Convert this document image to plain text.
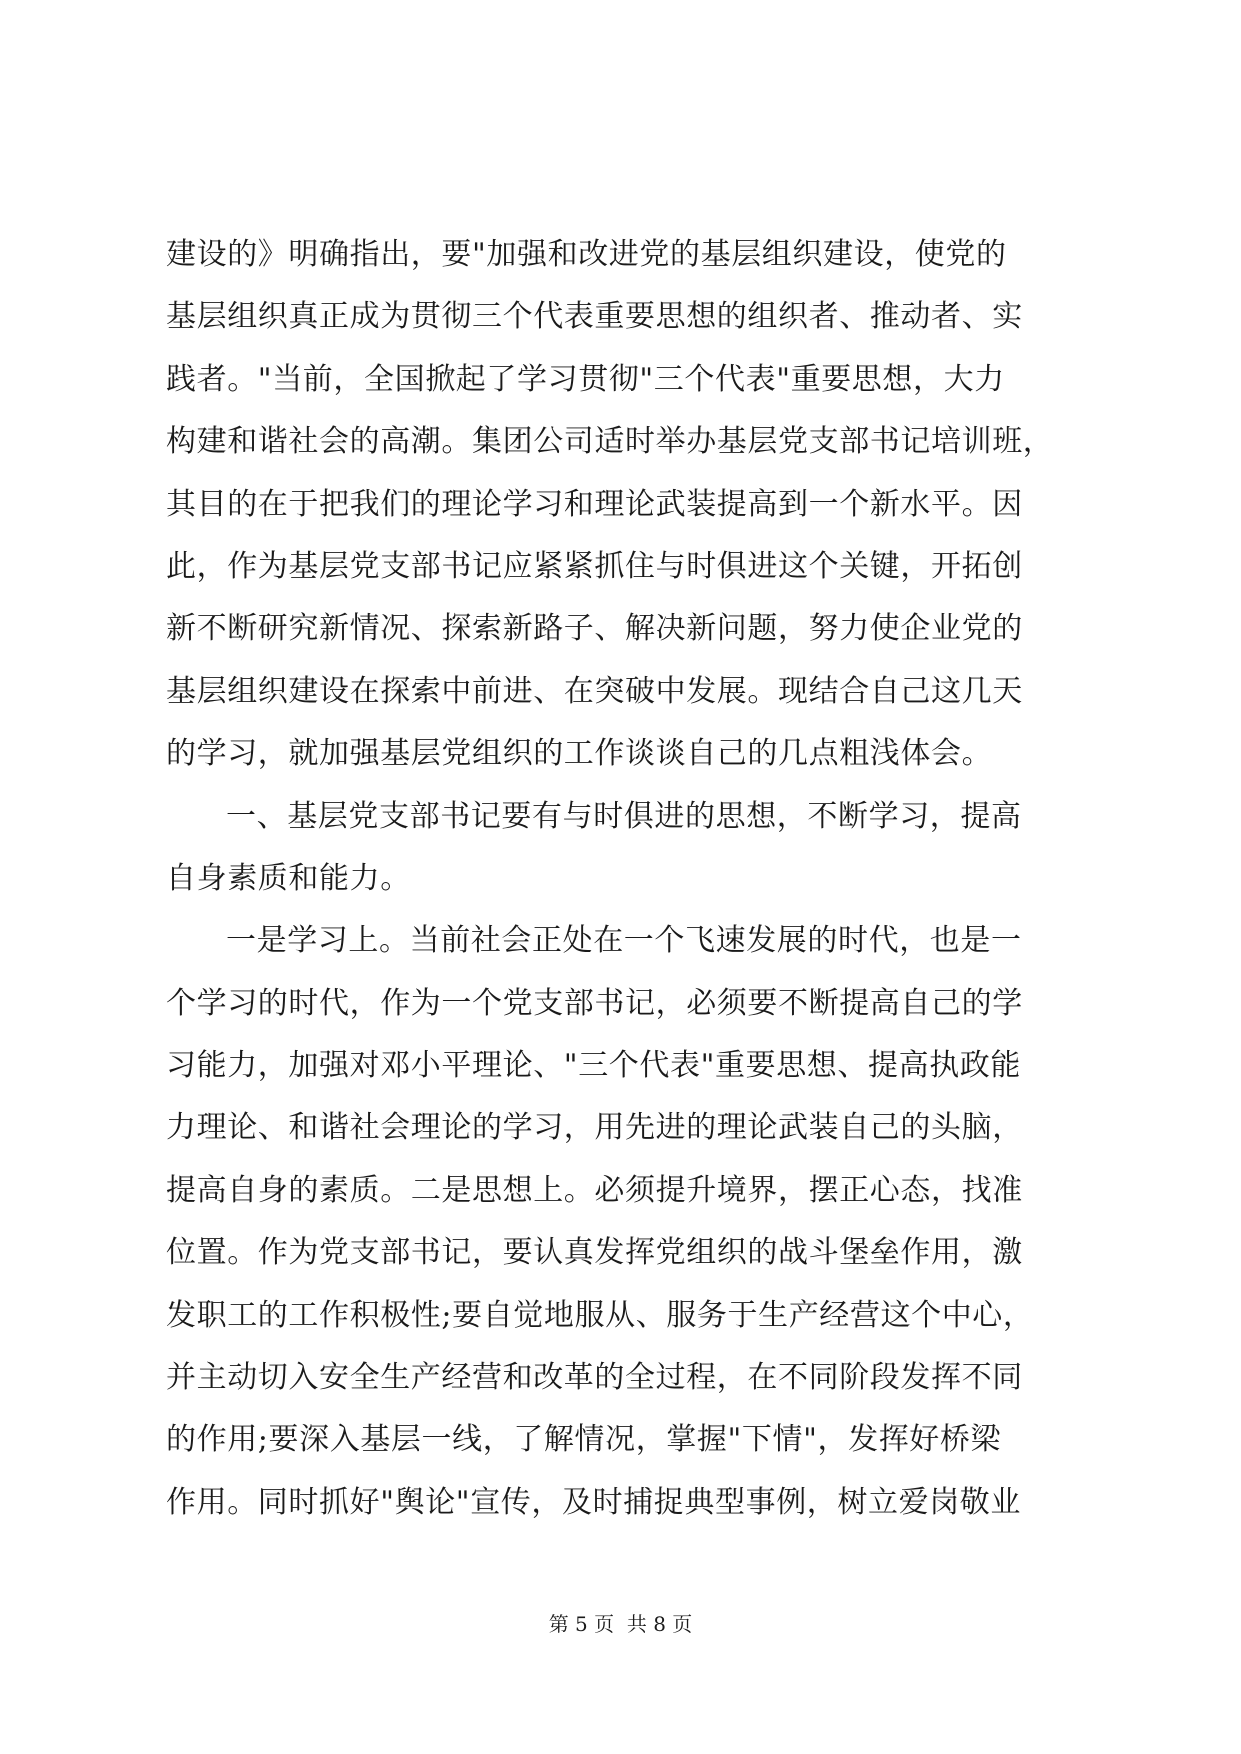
建设的》明确指出，要"加强和改进党的基层组织建设，使党的
基层组织真正成为贯彻三个代表重要思想的组织者、推动者、实
践者。"当前，全国掀起了学习贯彻"三个代表"重要思想，大力
构建和谐社会的高潮。集团公司适时举办基层党支部书记培训班，
其目的在于把我们的理论学习和理论武装提高到一个新水平。因
此，作为基层党支部书记应紧紧抓住与时俱进这个关键，开拓创
新不断研究新情况、探索新路子、解决新问题，努力使企业党的
基层组织建设在探索中前进、在突破中发展。现结合自己这几天
的学习，就加强基层党组织的工作谈谈自己的几点粗浅体会。
一、基层党支部书记要有与时俱进的思想，不断学习，提高
自身素质和能力。
一是学习上。当前社会正处在一个飞速发展的时代，也是一
个学习的时代，作为一个党支部书记，必须要不断提高自己的学
习能力，加强对邓小平理论、"三个代表"重要思想、提高执政能
力理论、和谐社会理论的学习，用先进的理论武装自己的头脑，
提高自身的素质。二是思想上。必须提升境界，摆正心态，找准
位置。作为党支部书记，要认真发挥党组织的战斗堡垒作用，激
发职工的工作积极性;要自觉地服从、服务于生产经营这个中心，
并主动切入安全生产经营和改革的全过程，在不同阶段发挥不同
的作用;要深入基层一线，了解情况，掌握"下情"，发挥好桥梁
作用。同时抓好"舆论"宣传，及时捕捉典型事例，树立爱岗敬业
第 5 页  共 8 页
